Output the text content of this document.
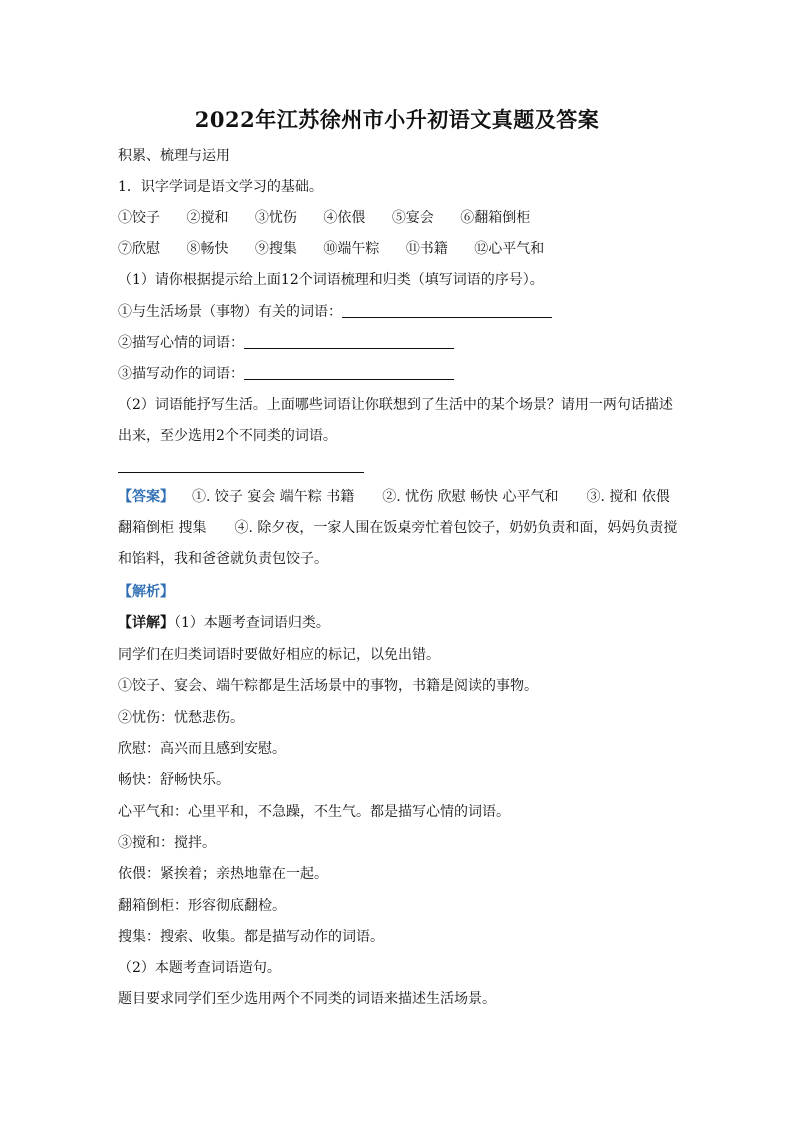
2022年江苏徐州市小升初语文真题及答案
积累、梳理与运用
1．识字学词是语文学习的基础。
①饺子 ②搅和 ③忧伤 ④依偎 ⑤宴会 ⑥翻箱倒柜
⑦欣慰 ⑧畅快 ⑨搜集 ⑩端午粽 ⑪书籍 ⑫心平气和
（1）请你根据提示给上面12个词语梳理和归类（填写词语的序号）。
①与生活场景（事物）有关的词语：
②描写心情的词语：
③描写动作的词语：
（2）词语能抒写生活。上面哪些词语让你联想到了生活中的某个场景？请用一两句话描述
出来，至少选用2个不同类的词语。
【答案】 ①. 饺子 宴会 端午粽 书籍　　②. 忧伤 欣慰 畅快 心平气和　　③. 搅和 依偎 翻箱倒柜 搜集　　④. 除夕夜，一家人围在饭桌旁忙着包饺子，奶奶负责和面，妈妈负责搅和馅料，我和爸爸就负责包饺子。
【解析】
【详解】（1）本题考查词语归类。
同学们在归类词语时要做好相应的标记，以免出错。
①饺子、宴会、端午粽都是生活场景中的事物，书籍是阅读的事物。
②忧伤：忧愁悲伤。
欣慰：高兴而且感到安慰。
畅快：舒畅快乐。
心平气和：心里平和，不急躁，不生气。都是描写心情的词语。
③搅和：搅拌。
依偎：紧挨着；亲热地靠在一起。
翻箱倒柜：形容彻底翻检。
搜集：搜索、收集。都是描写动作的词语。
（2）本题考查词语造句。
题目要求同学们至少选用两个不同类的词语来描述生活场景。
